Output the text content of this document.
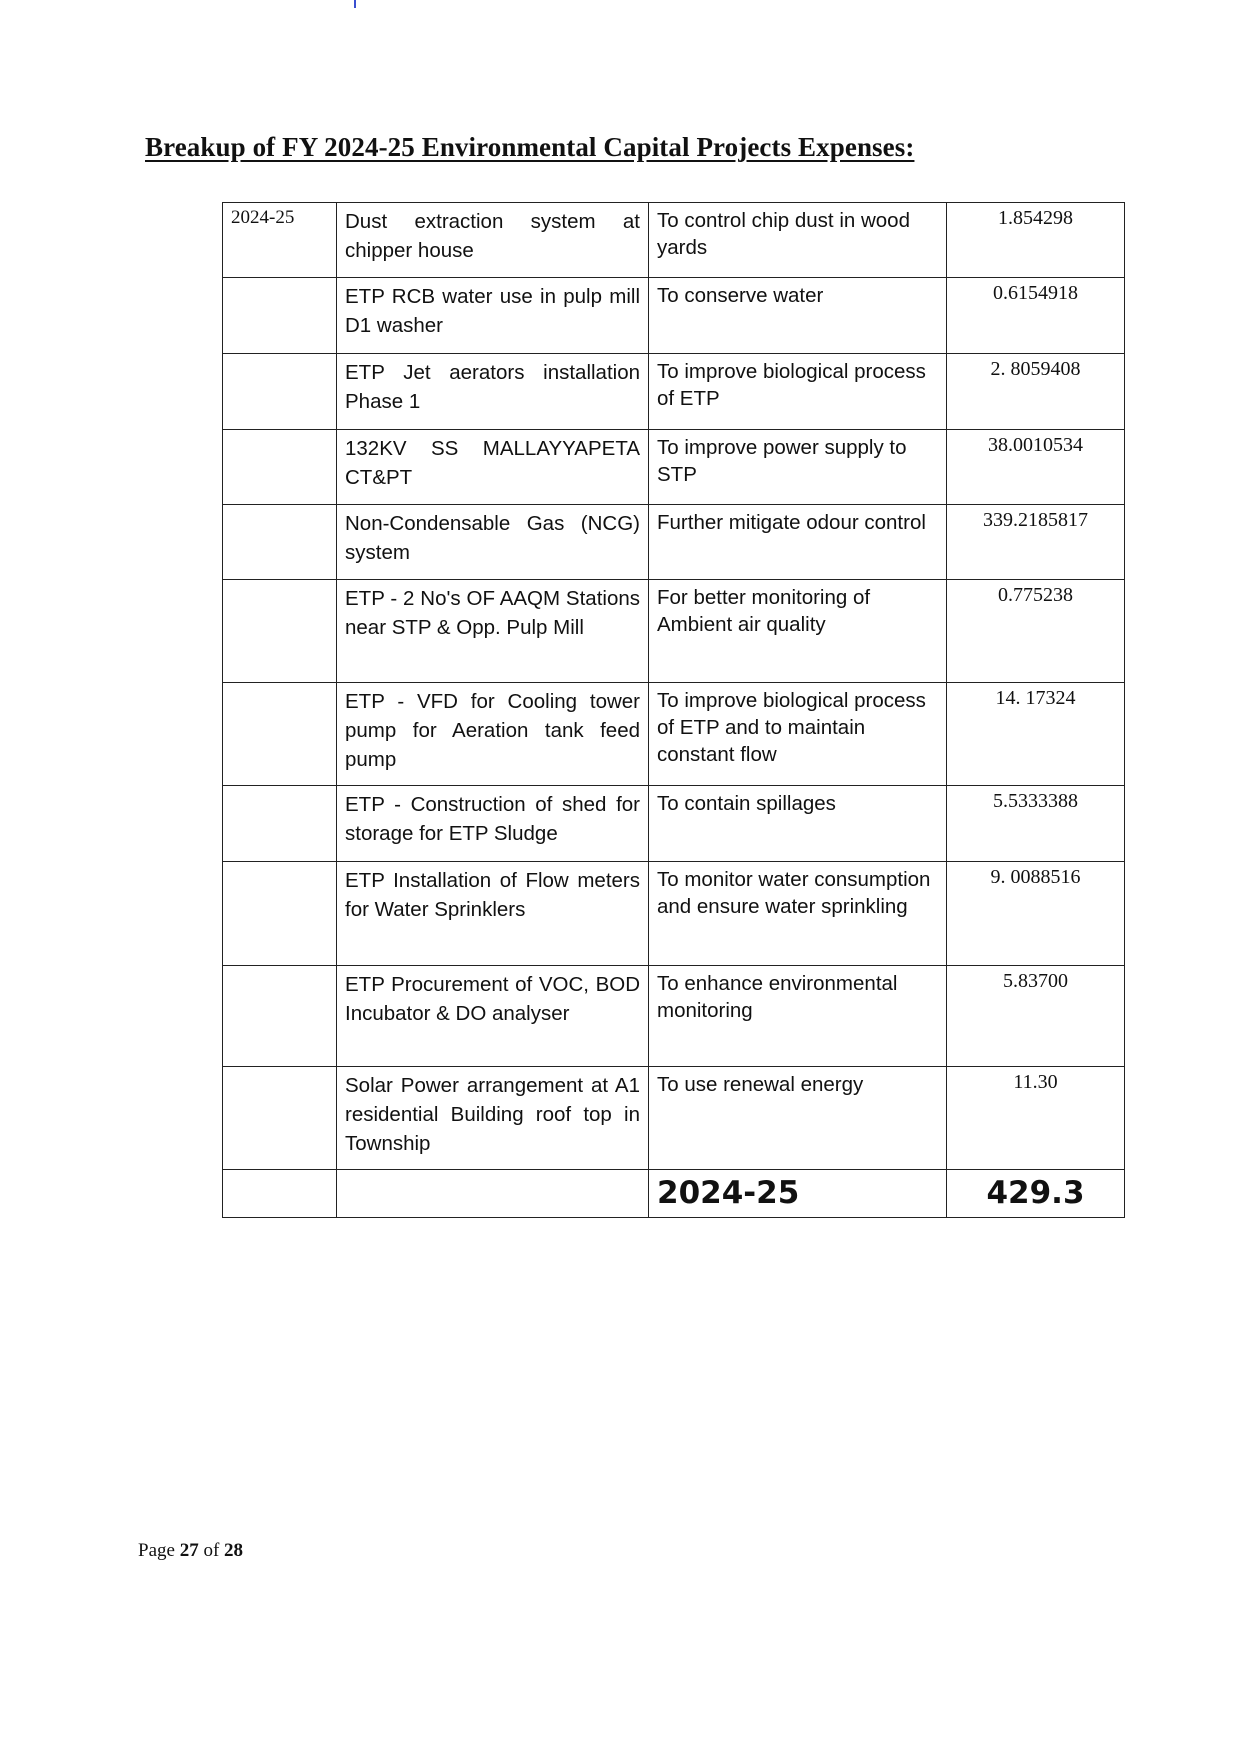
Breakup of FY 2024-25 Environmental Capital Projects Expenses:
2024-25	Dust extraction system at chipper house	To control chip dust in wood yards	1.854298
	ETP RCB water use in pulp mill D1 washer	To conserve water	0.6154918
	ETP Jet aerators installation Phase 1	To improve biological process of ETP	2. 8059408
	132KV SS MALLAYYAPETA CT&PT	To improve power supply to STP	38.0010534
	Non-Condensable Gas (NCG) system	Further mitigate odour control	339.2185817
	ETP - 2 No's OF AAQM Stations near STP & Opp. Pulp Mill	For better monitoring of Ambient air quality	0.775238
	ETP - VFD for Cooling tower pump for Aeration tank feed pump	To improve biological process of ETP and to maintain constant flow	14. 17324
	ETP - Construction of shed for storage for ETP Sludge	To contain spillages	5.5333388
	ETP Installation of Flow meters for Water Sprinklers	To monitor water consumption and ensure water sprinkling	9. 0088516
	ETP Procurement of VOC, BOD Incubator & DO analyser	To enhance environmental monitoring	5.83700
	Solar Power arrangement at A1 residential Building roof top in Township	To use renewal energy	11.30
		2024-25	429.3
Page 27 of 28
